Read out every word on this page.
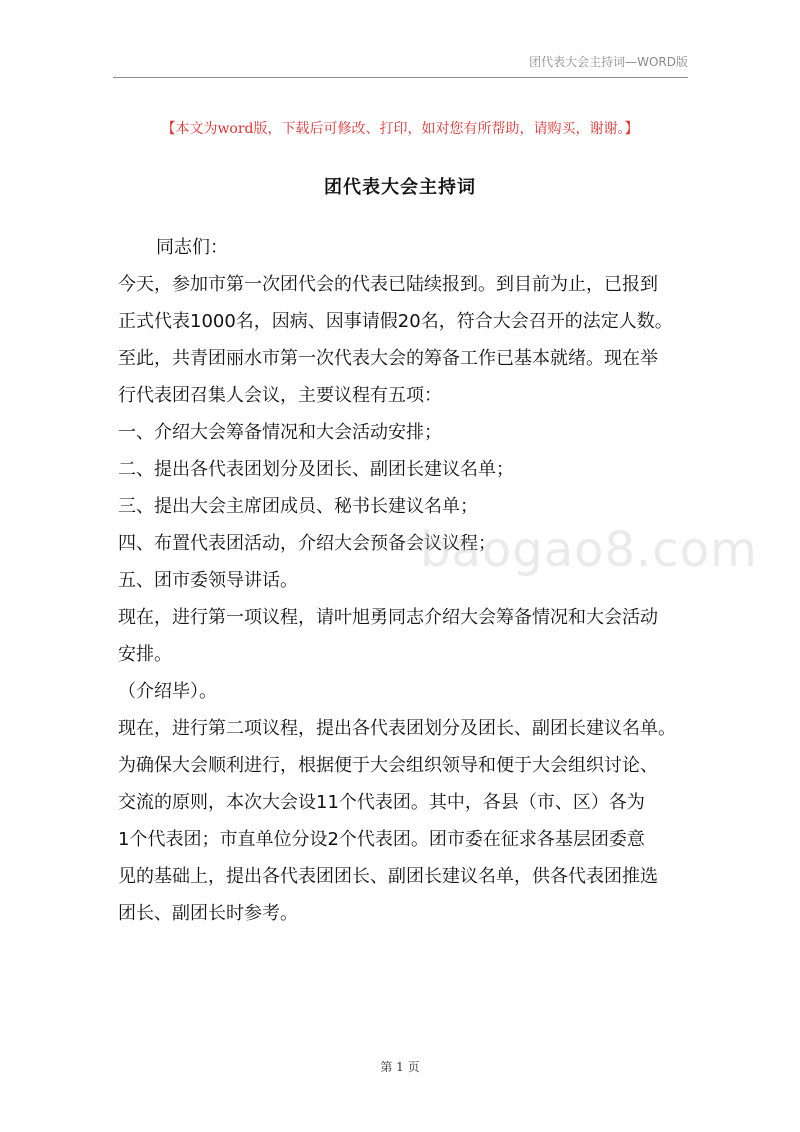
团代表大会主持词—WORD版
【本文为word版，下载后可修改、打印，如对您有所帮助，请购买，谢谢。】
团代表大会主持词
同志们：
今天，参加市第一次团代会的代表已陆续报到。到目前为止，已报到
正式代表1000名，因病、因事请假20名，符合大会召开的法定人数。
至此，共青团丽水市第一次代表大会的筹备工作已基本就绪。现在举
行代表团召集人会议，主要议程有五项：
一、介绍大会筹备情况和大会活动安排；
二、提出各代表团划分及团长、副团长建议名单；
三、提出大会主席团成员、秘书长建议名单；
四、布置代表团活动，介绍大会预备会议议程；
五、团市委领导讲话。
现在，进行第一项议程，请叶旭勇同志介绍大会筹备情况和大会活动
安排。
（介绍毕）。
现在，进行第二项议程，提出各代表团划分及团长、副团长建议名单。
为确保大会顺利进行，根据便于大会组织领导和便于大会组织讨论、
交流的原则，本次大会设11个代表团。其中，各县（市、区）各为
1个代表团；市直单位分设2个代表团。团市委在征求各基层团委意
见的基础上，提出各代表团团长、副团长建议名单，供各代表团推选
团长、副团长时参考。
baogao8.com
第 1 页
